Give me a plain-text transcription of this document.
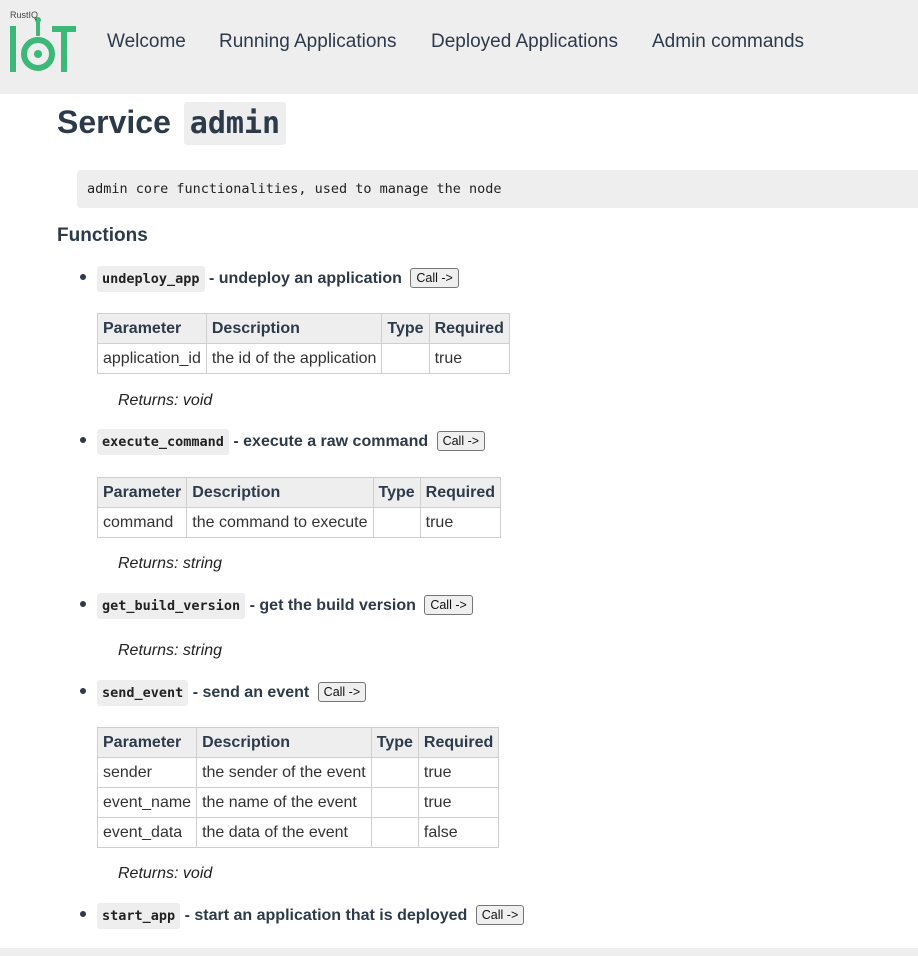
RustIQ
Welcome Running Applications Deployed Applications Admin commands
Service admin
admin core functionalities, used to manage the node
Functions
undeploy_app - undeploy an application Call ->
Parameter	Description	Type	Required
application_id	the id of the application		true
Returns: void
execute_command - execute a raw command Call ->
Parameter	Description	Type	Required
command	the command to execute		true
Returns: string
get_build_version - get the build version Call ->
Returns: string
send_event - send an event Call ->
Parameter	Description	Type	Required
sender	the sender of the event		true
event_name	the name of the event		true
event_data	the data of the event		false
Returns: void
start_app - start an application that is deployed Call ->
